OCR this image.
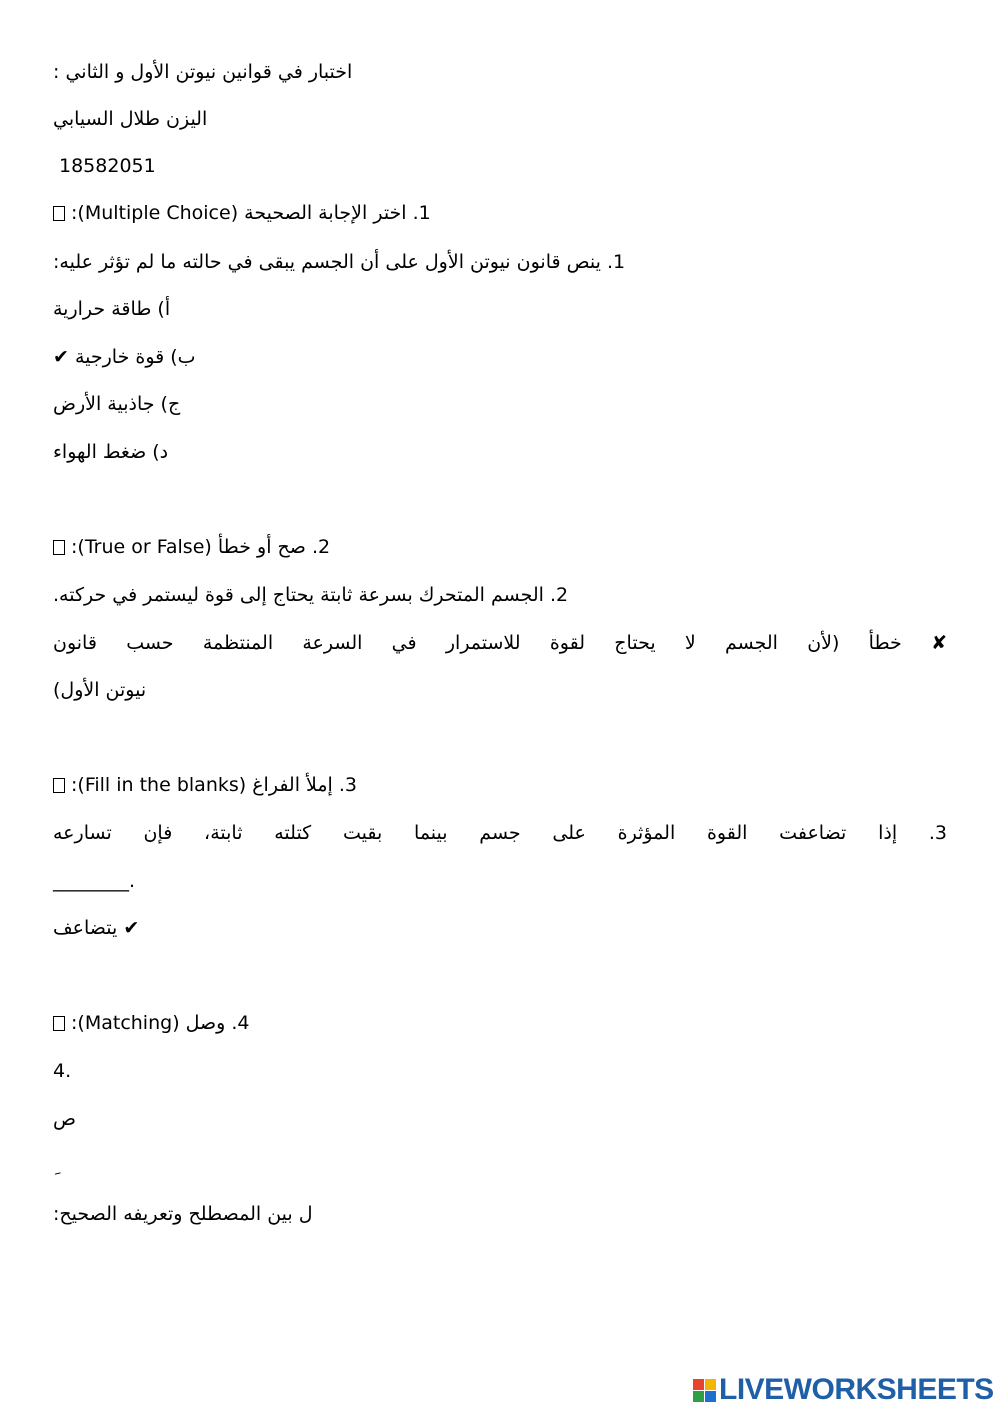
اختبار في قوانين نيوتن الأول و الثاني :
اليزن طلال السيابي
18582051
1. اختر الإجابة الصحيحة (Multiple Choice):
1. ينص قانون نيوتن الأول على أن الجسم يبقى في حالته ما لم تؤثر عليه:
أ) طاقة حرارية
ب) قوة خارجية ✔
ج) جاذبية الأرض
د) ضغط الهواء
2. صح أو خطأ (True or False):
2. الجسم المتحرك بسرعة ثابتة يحتاج إلى قوة ليستمر في حركته.
✘ خطأ (لأن الجسم لا يحتاج لقوة للاستمرار في السرعة المنتظمة حسب قانون
نيوتن الأول)
3. إملأ الفراغ (Fill in the blanks):
3. إذا تضاعفت القوة المؤثرة على جسم بينما بقيت كتلته ثابتة، فإن تسارعه
________.
✔ يتضاعف
4. وصل (Matching):
4.
ص
ل بين المصطلح وتعريفه الصحيح:
LIVEWORKSHEETS
